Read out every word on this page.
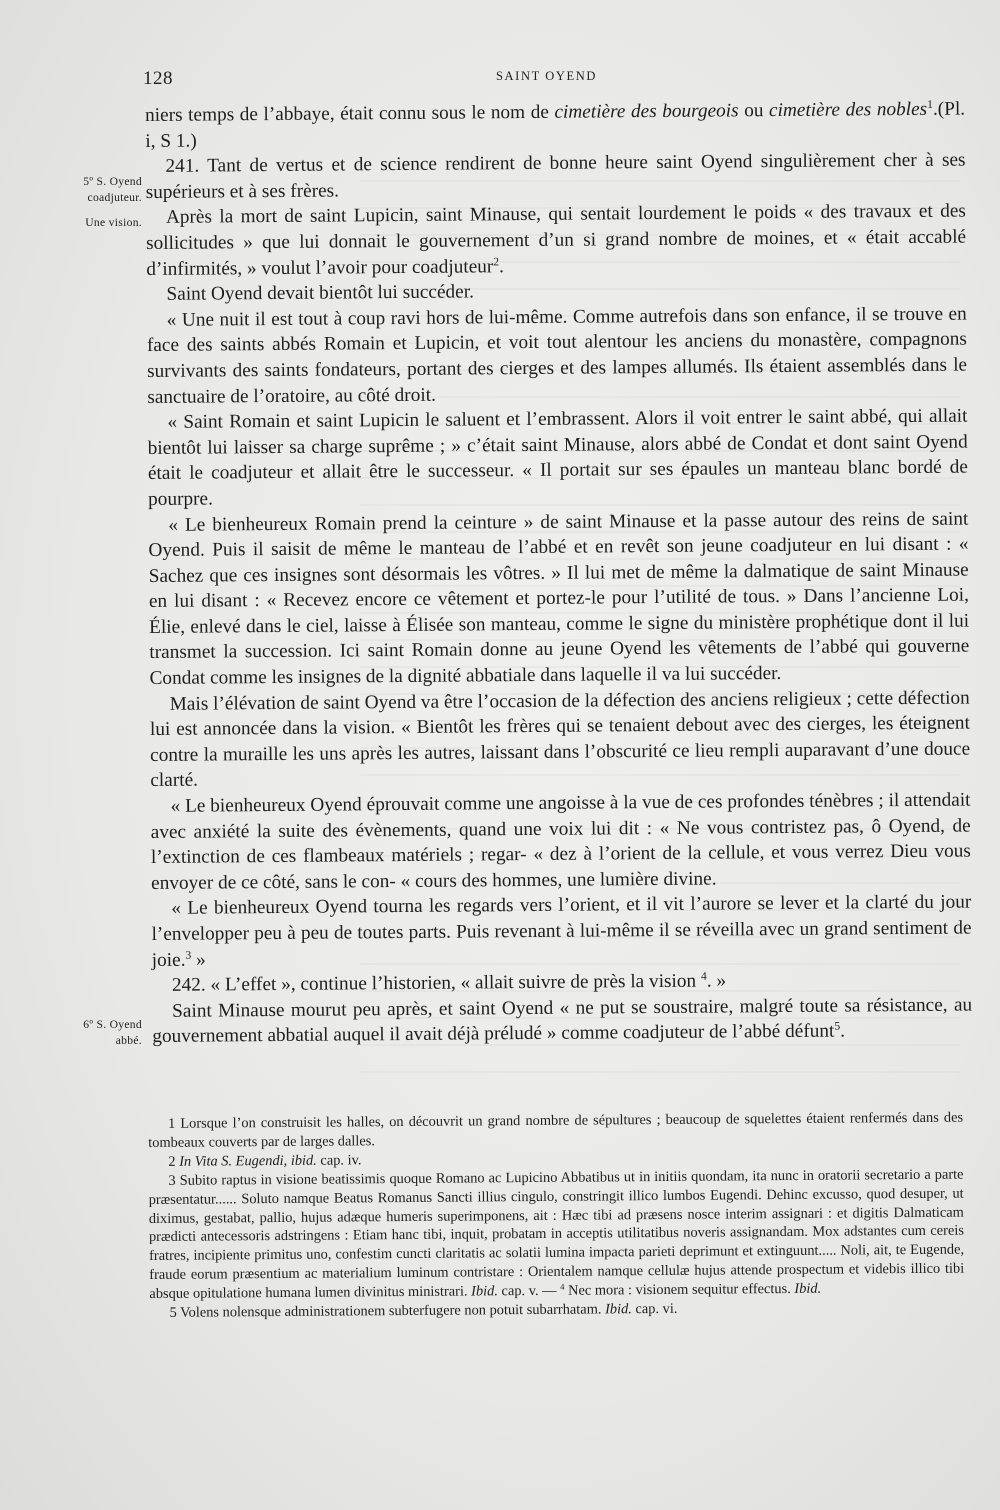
128	SAINT OYEND
5º S. Oyend
coadjuteur.
Une vision.
6º S. Oyend
abbé.

niers temps de l’abbaye, était connu sous le nom de cimetière des bourgeois ou cimetière des nobles$^1$.(Pl. i, S 1.)

241. Tant de vertus et de science rendirent de bonne heure saint Oyend singulièrement cher à ses supérieurs et à ses frères.

Après la mort de saint Lupicin, saint Minause, qui sentait lourdement le poids « des travaux et des sollicitudes » que lui donnait le gouvernement d’un si grand nombre de moines, et « était accablé d’infirmités, » voulut l’avoir pour coadjuteur$^2$.

Saint Oyend devait bientôt lui succéder.

« Une nuit il est tout à coup ravi hors de lui-même. Comme autrefois dans son enfance, il se trouve en face des saints abbés Romain et Lupicin, et voit tout alentour les anciens du monastère, compagnons survivants des saints fondateurs, portant des cierges et des lampes allumés. Ils étaient assemblés dans le sanctuaire de l’oratoire, au côté droit.

« Saint Romain et saint Lupicin le saluent et l’embrassent. Alors il voit entrer le saint abbé, qui allait bientôt lui laisser sa charge suprême ; » c’était saint Minause, alors abbé de Condat et dont saint Oyend était le coadjuteur et allait être le successeur. « Il portait sur ses épaules un manteau blanc bordé de pourpre.

« Le bienheureux Romain prend la ceinture » de saint Minause et la passe autour des reins de saint Oyend. Puis il saisit de même le manteau de l’abbé et en revêt son jeune coadjuteur en lui disant : « Sachez que ces insignes sont désormais les vôtres. » Il lui met de même la dalmatique de saint Minause en lui disant : « Recevez encore ce vêtement et portez-le pour l’utilité de tous. » Dans l’ancienne Loi, Élie, enlevé dans le ciel, laisse à Élisée son manteau, comme le signe du ministère prophétique dont il lui transmet la succession. Ici saint Romain donne au jeune Oyend les vêtements de l’abbé qui gouverne Condat comme les insignes de la dignité abbatiale dans laquelle il va lui succéder.

Mais l’élévation de saint Oyend va être l’occasion de la défection des anciens religieux ; cette défection lui est annoncée dans la vision. « Bientôt les frères qui se tenaient debout avec des cierges, les éteignent contre la muraille les uns après les autres, laissant dans l’obscurité ce lieu rempli auparavant d’une douce clarté.

« Le bienheureux Oyend éprouvait comme une angoisse à la vue de ces profondes ténèbres ; il attendait avec anxiété la suite des évènements, quand une voix lui dit : « Ne vous contristez pas, ô Oyend, de l’extinction de ces flambeaux matériels ; regar- « dez à l’orient de la cellule, et vous verrez Dieu vous envoyer de ce côté, sans le con- « cours des hommes, une lumière divine.

« Le bienheureux Oyend tourna les regards vers l’orient, et il vit l’aurore se lever et la clarté du jour l’envelopper peu à peu de toutes parts. Puis revenant à lui-même il se réveilla avec un grand sentiment de joie.$^3$ »

242. « L’effet », continue l’historien, « allait suivre de près la vision $^4$. »

Saint Minause mourut peu après, et saint Oyend « ne put se soustraire, malgré toute sa résistance, au gouvernement abbatial auquel il avait déjà préludé » comme coadjuteur de l’abbé défunt$^5$.

1 Lorsque l’on construisit les halles, on découvrit un grand nombre de sépultures ; beaucoup de squelettes étaient renfermés dans des tombeaux couverts par de larges dalles.

2 In Vita S. Eugendi, ibid. cap. iv.

3 Subito raptus in visione beatissimis quoque Romano ac Lupicino Abbatibus ut in initiis quondam, ita nunc in oratorii secretario a parte præsentatur...... Soluto namque Beatus Romanus Sancti illius cingulo, constringit illico lumbos Eugendi. Dehinc excusso, quod desuper, ut diximus, gestabat, pallio, hujus adæque humeris superimponens, ait : Hæc tibi ad præsens nosce interim assignari : et digitis Dalmaticam prædicti antecessoris adstringens : Etiam hanc tibi, inquit, probatam in acceptis utilitatibus noveris assignandam. Mox adstantes cum cereis fratres, incipiente primitus uno, confestim cuncti claritatis ac solatii lumina impacta parieti deprimunt et extinguunt..... Noli, ait, te Eugende, fraude eorum præsentium ac materialium luminum contristare : Orientalem namque cellulæ hujus attende prospectum et videbis illico tibi absque opitulatione humana lumen divinitus ministrari. Ibid. cap. v. — $^4$ Nec mora : visionem sequitur effectus. Ibid.

5 Volens nolensque administrationem subterfugere non potuit subarrhatam. Ibid. cap. vi.
